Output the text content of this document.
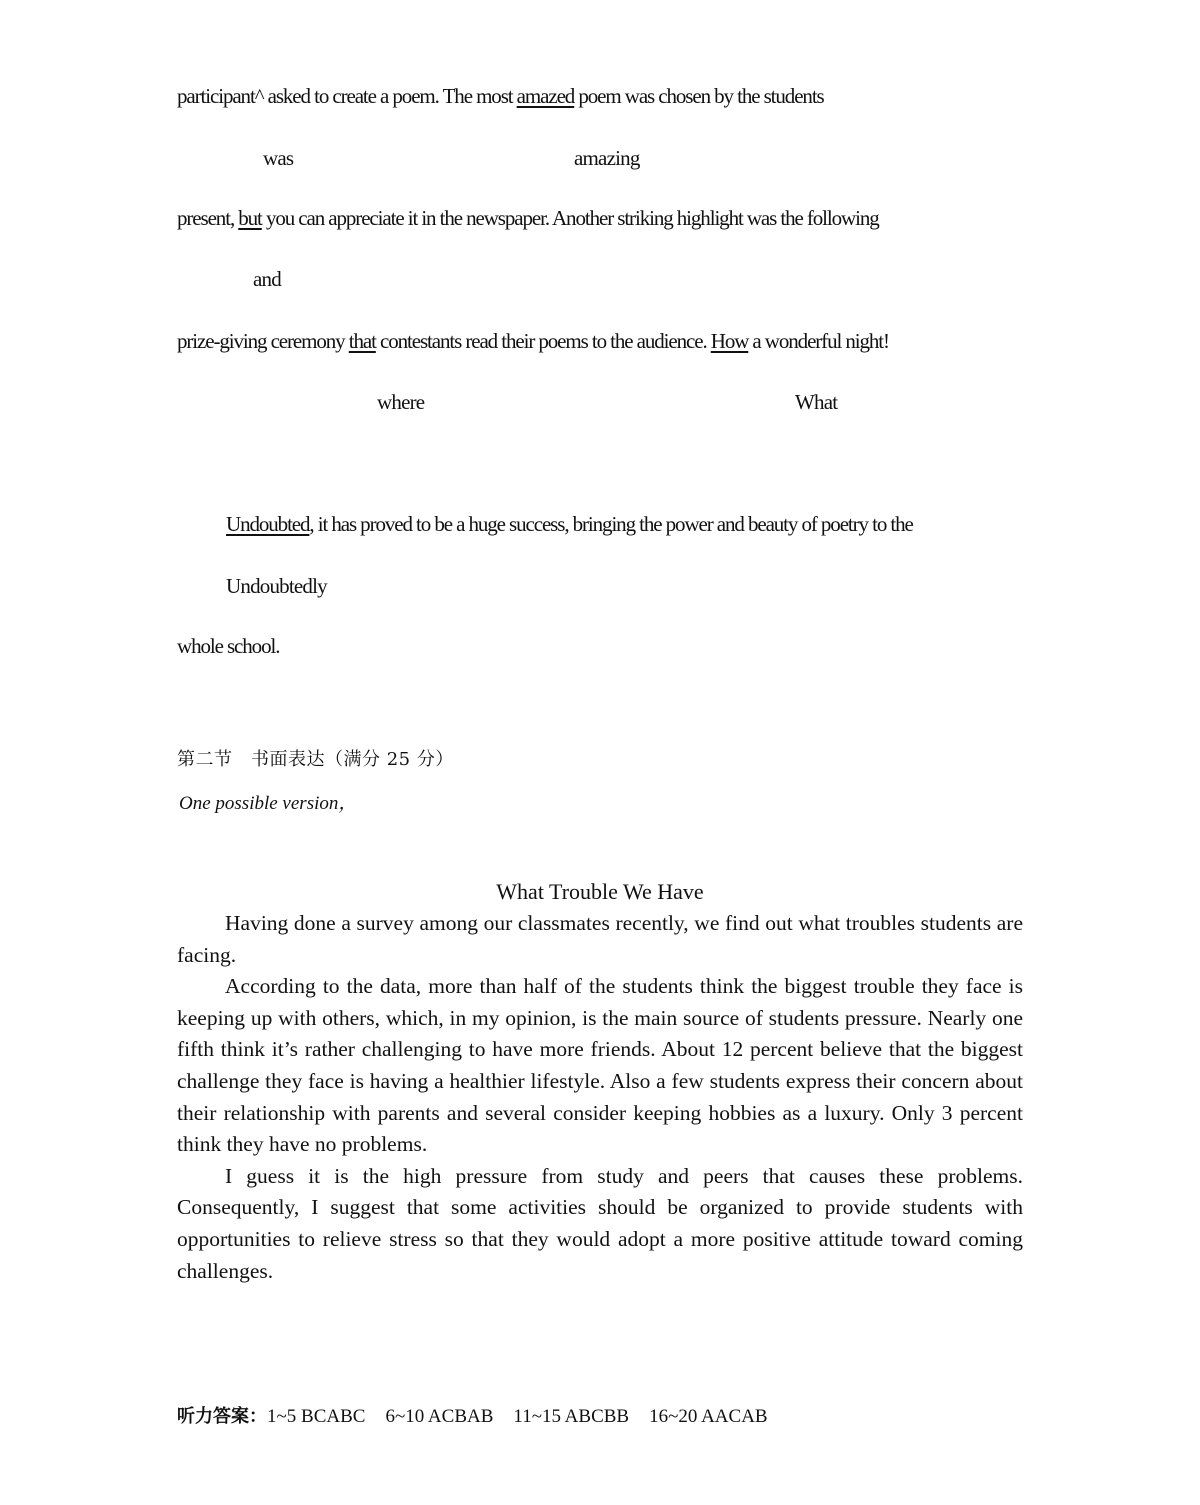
participant^ asked to create a poem. The most amazed poem was chosen by the students
was	amazing
present, but you can appreciate it in the newspaper. Another striking highlight was the following
and
prize-giving ceremony that contestants read their poems to the audience. How a wonderful night!
where	What
Undoubted, it has proved to be a huge success, bringing the power and beauty of poetry to the
Undoubtedly
whole school.
第二节　书面表达（满分 25 分）
One possible version，
What Trouble We Have

Having done a survey among our classmates recently, we find out what troubles students are facing.

According to the data, more than half of the students think the biggest trouble they face is keeping up with others, which, in my opinion, is the main source of students pressure. Nearly one fifth think it’s rather challenging to have more friends. About 12 percent believe that the biggest challenge they face is having a healthier lifestyle. Also a few students express their concern about their relationship with parents and several consider keeping hobbies as a luxury. Only 3 percent think they have no problems.

I guess it is the high pressure from study and peers that causes these problems. Consequently, I suggest that some activities should be organized to provide students with opportunities to relieve stress so that they would adopt a more positive attitude toward coming challenges.

听力答案：1~5 BCABC 6~10 ACBAB 11~15 ABCBB 16~20 AACAB
